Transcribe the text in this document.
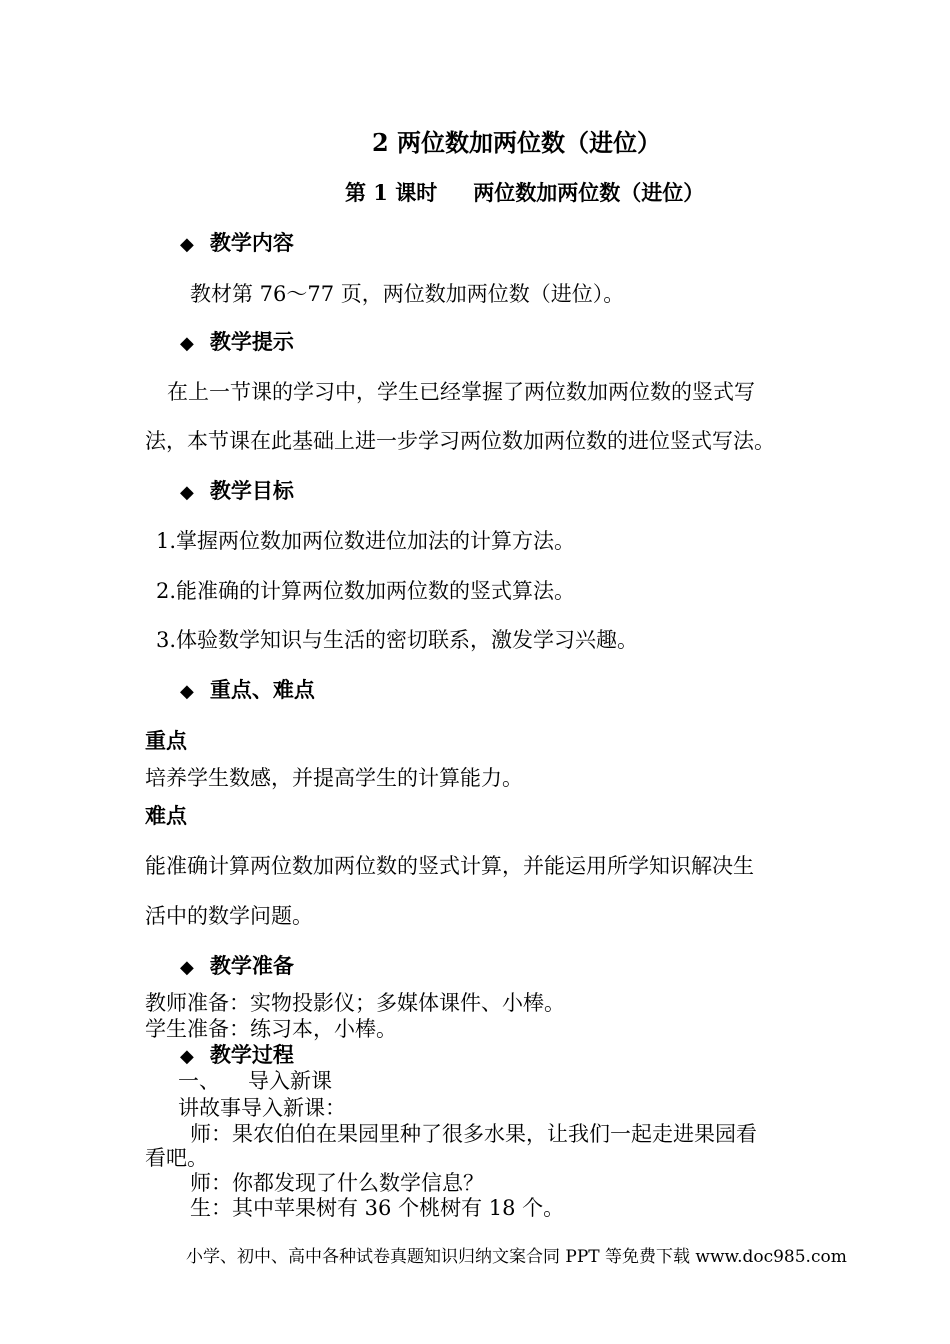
2 两位数加两位数（进位）
第 1 课时 两位数加两位数（进位）
◆ 教学内容
教材第 76～77 页，两位数加两位数（进位）。
◆ 教学提示
在上一节课的学习中，学生已经掌握了两位数加两位数的竖式写
法，本节课在此基础上进一步学习两位数加两位数的进位竖式写法。
◆ 教学目标
1.掌握两位数加两位数进位加法的计算方法。
2.能准确的计算两位数加两位数的竖式算法。
3.体验数学知识与生活的密切联系，激发学习兴趣。
◆ 重点、难点
重点
培养学生数感，并提高学生的计算能力。
难点
能准确计算两位数加两位数的竖式计算，并能运用所学知识解决生
活中的数学问题。
◆ 教学准备
教师准备：实物投影仪；多媒体课件、小棒。
学生准备：练习本，小棒。
◆ 教学过程
一、 导入新课
讲故事导入新课：
师：果农伯伯在果园里种了很多水果，让我们一起走进果园看
看吧。
师：你都发现了什么数学信息？
生：其中苹果树有 36 个桃树有 18 个。
小学、初中、高中各种试卷真题知识归纳文案合同 PPT 等免费下载 www.doc985.com
